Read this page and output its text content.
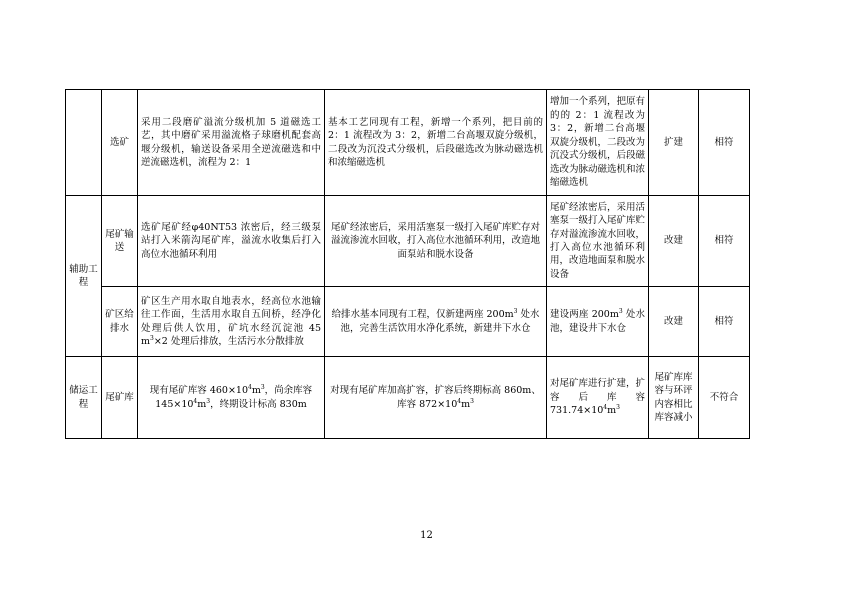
	选矿	采用二段磨矿溢流分级机加 5 道磁选工艺，其中磨矿采用溢流格子球磨机配套高堰分级机，输送设备采用全逆流磁选和中逆流磁选机，流程为 2：1	基本工艺同现有工程，新增一个系列，把目前的 2：1 流程改为 3：2，新增二台高堰双旋分级机，二段改为沉没式分级机，后段磁选改为脉动磁选机和浓缩磁选机	增加一个系列，把原有的的 2：1 流程改为 3：2，新增二台高堰双旋分级机，二段改为沉没式分级机，后段磁选改为脉动磁选机和浓缩磁选机	扩建	相符
辅助工程	尾矿输送	选矿尾矿经φ40NT53 浓密后，经三级泵站打入米箭沟尾矿库，溢流水收集后打入高位水池循环利用	尾矿经浓密后，采用活塞泵一级打入尾矿库贮存对溢流渗流水回收，打入高位水池循环利用，改造地面泵站和脱水设备	尾矿经浓密后，采用活塞泵一级打入尾矿库贮存对溢流渗流水回收，打入高位水池循环利用，改造地面泵和脱水设备	改建	相符
	矿区给排水	矿区生产用水取自地表水，经高位水池输往工作面，生活用水取自五间桥，经净化处理后供人饮用，矿坑水经沉淀池 45 $m^3\times 2$ 处理后排放，生活污水分散排放	给排水基本同现有工程，仅新建两座 $200m^3$ 处水池，完善生活饮用水净化系统，新建井下水仓	建设两座 $200m^3$ 处水池，建设井下水仓	改建	相符
储运工程	尾矿库	现有尾矿库容 $460\times 10^4m^3$，尚余库容 $145\times 10^4m^3$，终期设计标高 830m	对现有尾矿库加高扩容，扩容后终期标高 860m、库容 $872\times 10^4m^3$	对尾矿库进行扩建，扩容后库容 $731.74\times 10^4m^3$	尾矿库库容与环评内容相比库容减小	不符合
12
